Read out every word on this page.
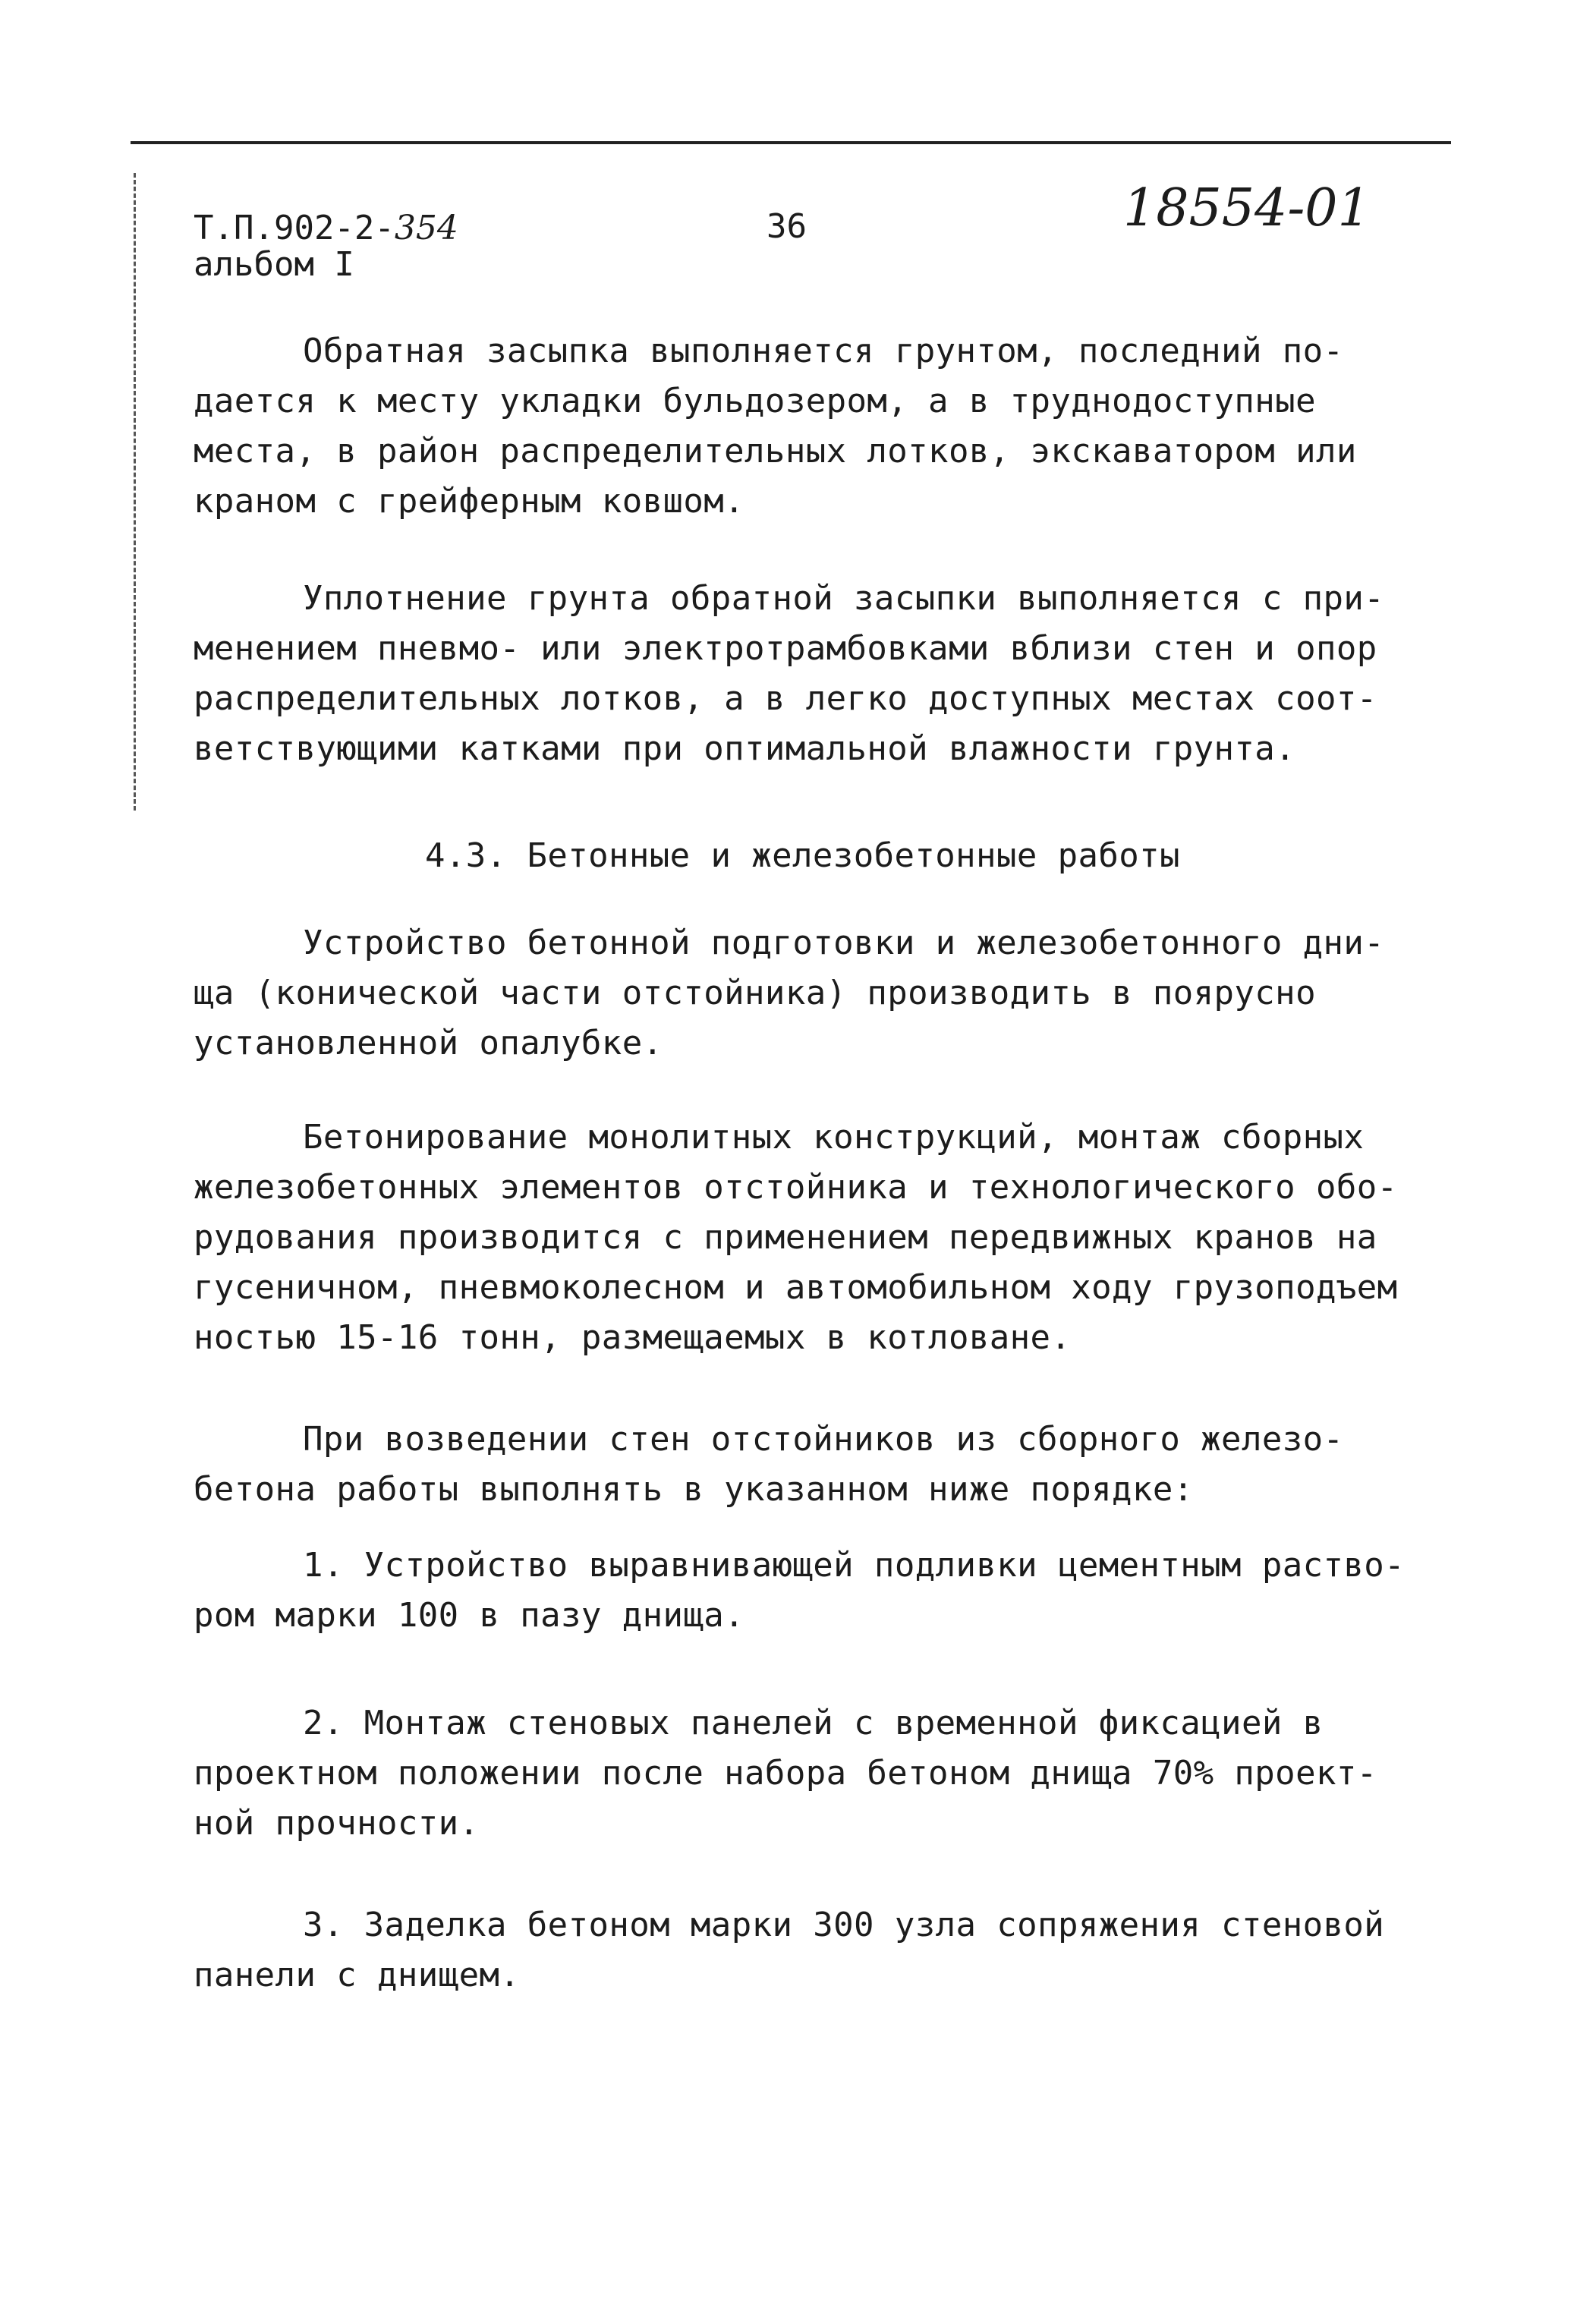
Т.П.902-2-354
альбом I
36	18554-01

Обратная засыпка выполняется грунтом, последний по-
дается к месту укладки бульдозером, а в труднодоступные
места, в район распределительных лотков, экскаватором или
краном с грейферным ковшом.

Уплотнение грунта обратной засыпки выполняется с при-
менением пневмо- или электротрамбовками вблизи стен и опор
распределительных лотков, а в легко доступных местах соот-
ветствующими катками при оптимальной влажности грунта.

4.3. Бетонные и железобетонные работы

Устройство бетонной подготовки и железобетонного дни-
ща (конической части отстойника) производить в поярусно
установленной опалубке.

Бетонирование монолитных конструкций, монтаж сборных
железобетонных элементов отстойника и технологического обо-
рудования производится с применением передвижных кранов на
гусеничном, пневмоколесном и автомобильном ходу грузоподъем
ностью 15-16 тонн, размещаемых в котловане.

При возведении стен отстойников из сборного железо-
бетона работы выполнять в указанном ниже порядке:

1. Устройство выравнивающей подливки цементным раство-
ром марки 100 в пазу днища.

2. Монтаж стеновых панелей с временной фиксацией в
проектном положении после набора бетоном днища 70% проект-
ной прочности.

3. Заделка бетоном марки 300 узла сопряжения стеновой
панели с днищем.
